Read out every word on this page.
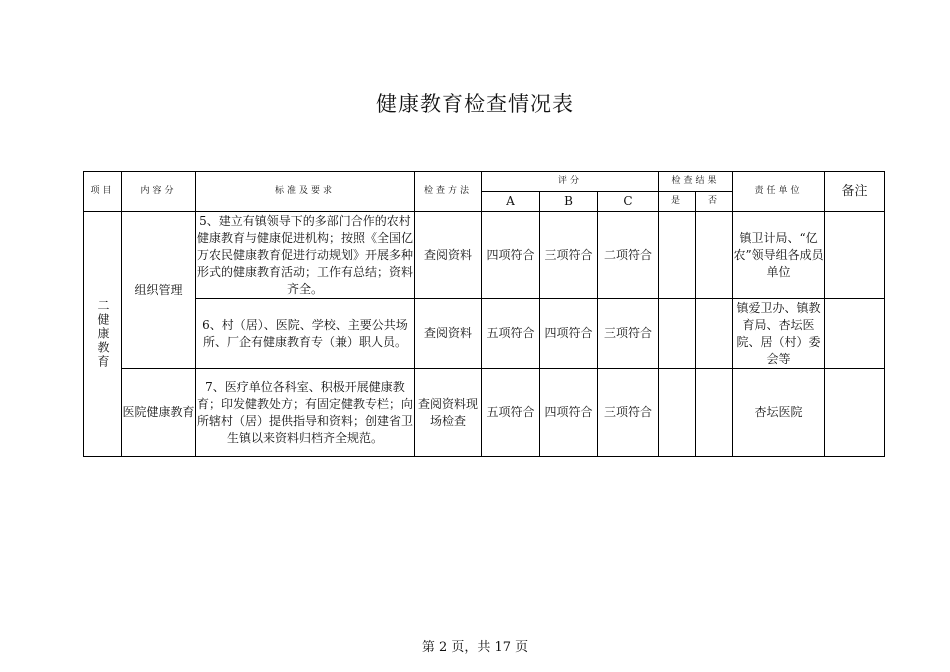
健康教育检查情况表
项目	内容分	标准及要求	检查方法	评分			检查结果		责任单位	备注
				A	B	C	是	否		
二健康教育	组织管理	5、建立有镇领导下的多部门合作的农村健康教育与健康促进机构；按照《全国亿万农民健康教育促进行动规划》开展多种形式的健康教育活动；工作有总结；资料齐全。	查阅资料	四项符合	三项符合	二项符合			镇卫计局、“亿农”领导组各成员单位	
		6、村（居）、医院、学校、主要公共场所、厂企有健康教育专（兼）职人员。	查阅资料	五项符合	四项符合	三项符合			镇爱卫办、镇教育局、杏坛医院、居（村）委会等	
	医院健康教育	7、医疗单位各科室、积极开展健康教育；印发健教处方；有固定健教专栏；向所辖村（居）提供指导和资料；创建省卫生镇以来资料归档齐全规范。	查阅资料现场检查	五项符合	四项符合	三项符合			杏坛医院	
第 2 页，共 17 页
